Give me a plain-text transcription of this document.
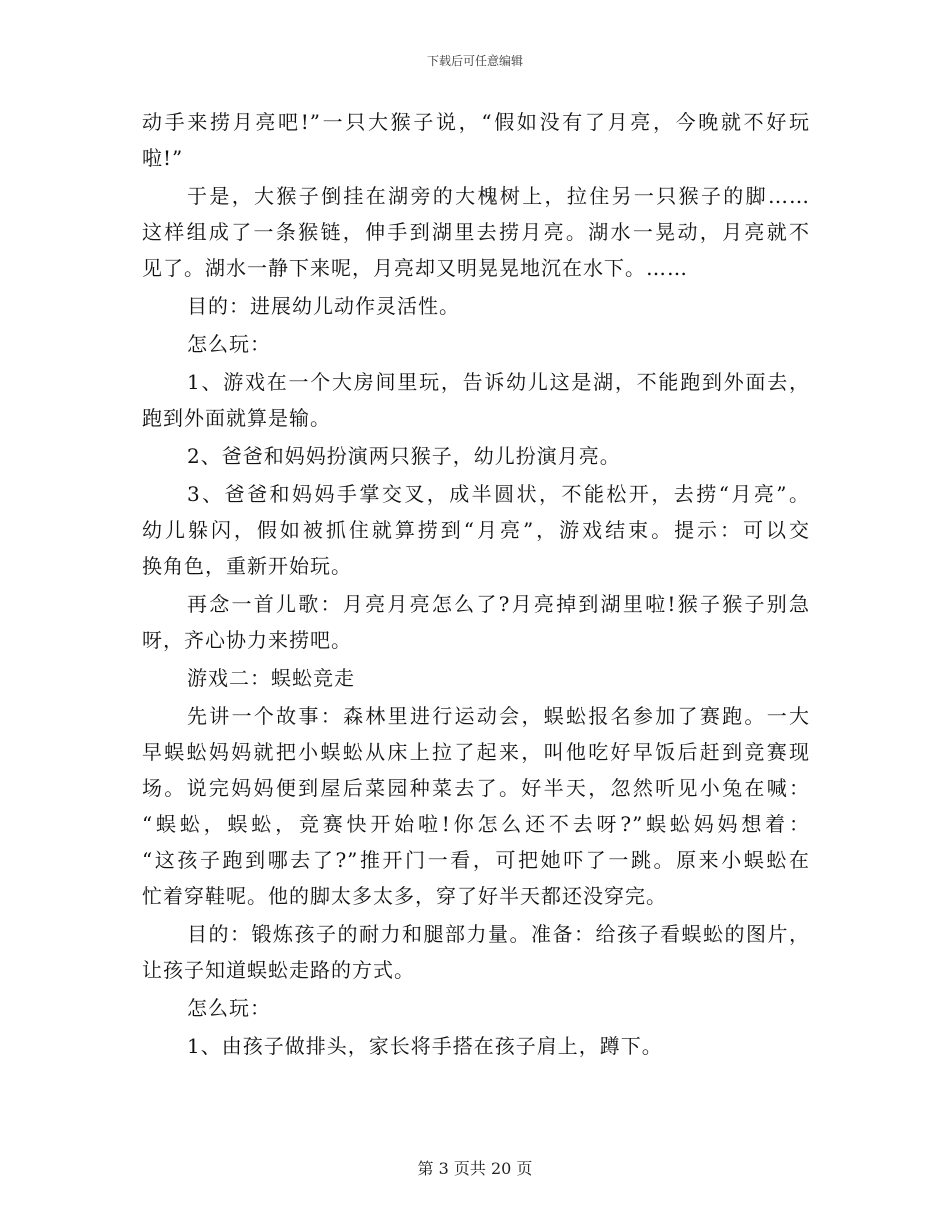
下载后可任意编辑
动手来捞月亮吧!”一只大猴子说，“假如没有了月亮，今晚就不好玩
啦!”
于是，大猴子倒挂在湖旁的大槐树上，拉住另一只猴子的脚……
这样组成了一条猴链，伸手到湖里去捞月亮。湖水一晃动，月亮就不
见了。湖水一静下来呢，月亮却又明晃晃地沉在水下。……
目的：进展幼儿动作灵活性。
怎么玩：
1、游戏在一个大房间里玩，告诉幼儿这是湖，不能跑到外面去，
跑到外面就算是输。
2、爸爸和妈妈扮演两只猴子，幼儿扮演月亮。
3、爸爸和妈妈手掌交叉，成半圆状，不能松开，去捞“月亮”。
幼儿躲闪，假如被抓住就算捞到“月亮”，游戏结束。提示：可以交
换角色，重新开始玩。
再念一首儿歌：月亮月亮怎么了?月亮掉到湖里啦!猴子猴子别急
呀，齐心协力来捞吧。
游戏二：蜈蚣竞走
先讲一个故事：森林里进行运动会，蜈蚣报名参加了赛跑。一大
早蜈蚣妈妈就把小蜈蚣从床上拉了起来，叫他吃好早饭后赶到竞赛现
场。说完妈妈便到屋后菜园种菜去了。好半天，忽然听见小兔在喊：
“蜈蚣，蜈蚣，竞赛快开始啦!你怎么还不去呀?”蜈蚣妈妈想着：
“这孩子跑到哪去了?”推开门一看，可把她吓了一跳。原来小蜈蚣在
忙着穿鞋呢。他的脚太多太多，穿了好半天都还没穿完。
目的：锻炼孩子的耐力和腿部力量。准备：给孩子看蜈蚣的图片，
让孩子知道蜈蚣走路的方式。
怎么玩：
1、由孩子做排头，家长将手搭在孩子肩上，蹲下。
第 3 页共 20 页
